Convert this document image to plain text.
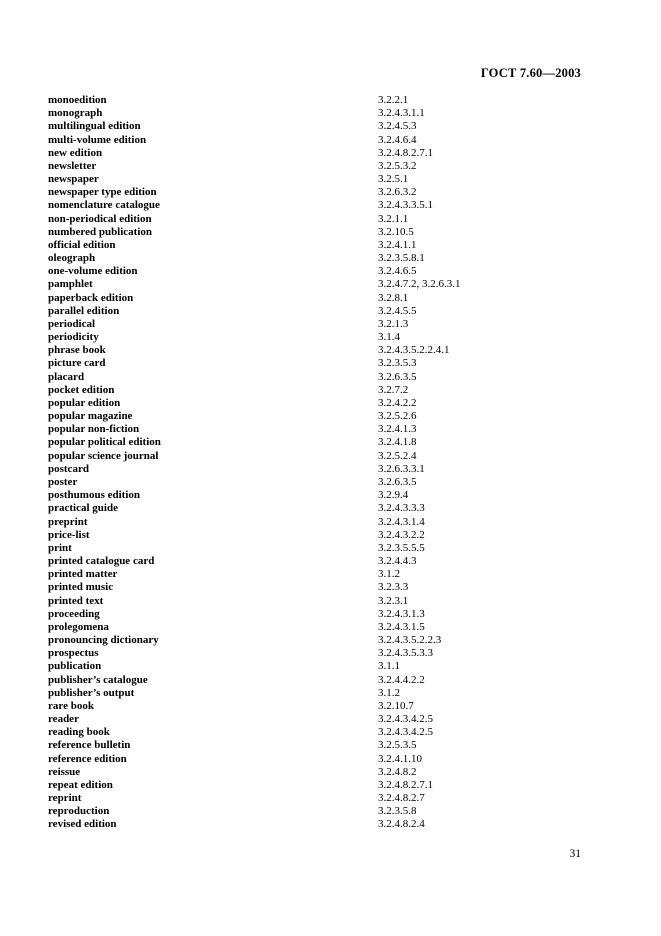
ГОСТ 7.60—2003
monoedition	3.2.2.1
monograph	3.2.4.3.1.1
multilingual edition	3.2.4.5.3
multi-volume edition	3.2.4.6.4
new edition	3.2.4.8.2.7.1
newsletter	3.2.5.3.2
newspaper	3.2.5.1
newspaper type edition	3.2.6.3.2
nomenclature catalogue	3.2.4.3.3.5.1
non-periodical edition	3.2.1.1
numbered publication	3.2.10.5
official edition	3.2.4.1.1
oleograph	3.2.3.5.8.1
one-volume edition	3.2.4.6.5
pamphlet	3.2.4.7.2, 3.2.6.3.1
paperback edition	3.2.8.1
parallel edition	3.2.4.5.5
periodical	3.2.1.3
periodicity	3.1.4
phrase book	3.2.4.3.5.2.2.4.1
picture card	3.2.3.5.3
placard	3.2.6.3.5
pocket edition	3.2.7.2
popular edition	3.2.4.2.2
popular magazine	3.2.5.2.6
popular non-fiction	3.2.4.1.3
popular political edition	3.2.4.1.8
popular science journal	3.2.5.2.4
postcard	3.2.6.3.3.1
poster	3.2.6.3.5
posthumous edition	3.2.9.4
practical guide	3.2.4.3.3.3
preprint	3.2.4.3.1.4
price-list	3.2.4.3.2.2
print	3.2.3.5.5.5
printed catalogue card	3.2.4.4.3
printed matter	3.1.2
printed music	3.2.3.3
printed text	3.2.3.1
proceeding	3.2.4.3.1.3
prolegomena	3.2.4.3.1.5
pronouncing dictionary	3.2.4.3.5.2.2.3
prospectus	3.2.4.3.5.3.3
publication	3.1.1
publisher’s catalogue	3.2.4.4.2.2
publisher’s output	3.1.2
rare book	3.2.10.7
reader	3.2.4.3.4.2.5
reading book	3.2.4.3.4.2.5
reference bulletin	3.2.5.3.5
reference edition	3.2.4.1.10
reissue	3.2.4.8.2
repeat edition	3.2.4.8.2.7.1
reprint	3.2.4.8.2.7
reproduction	3.2.3.5.8
revised edition	3.2.4.8.2.4
31
